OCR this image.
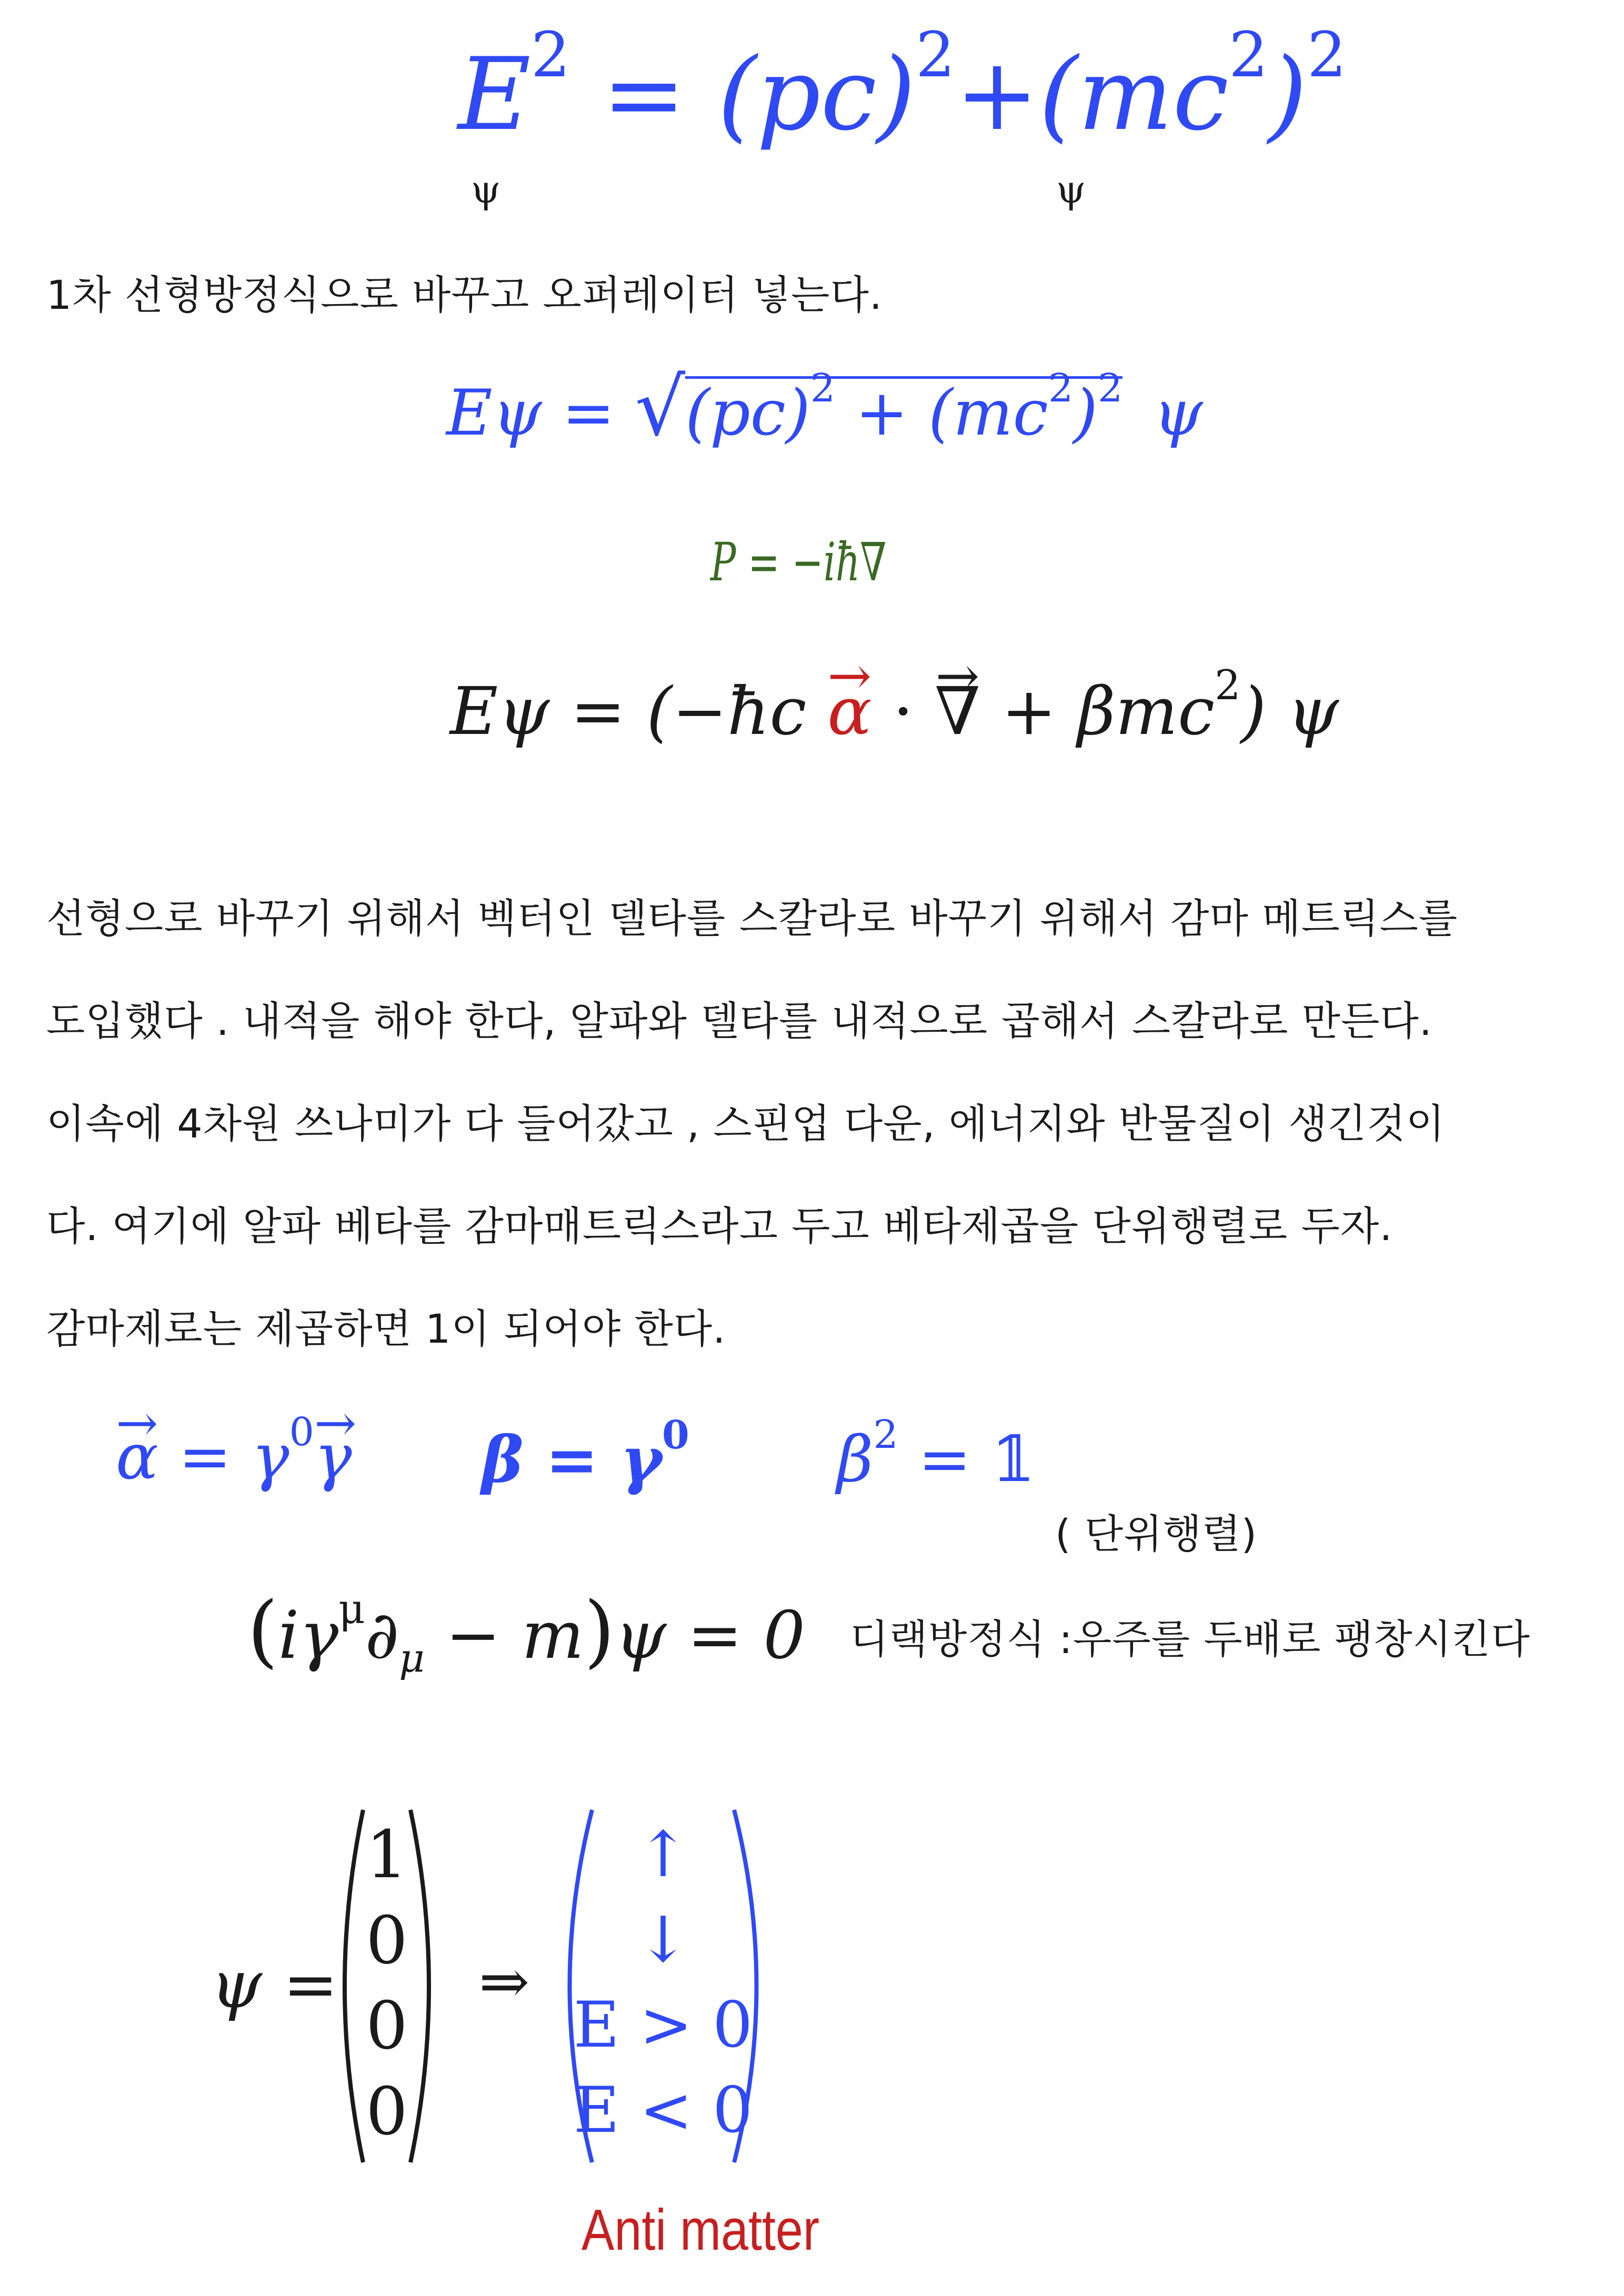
$E^2 = (pc)^2+(mc^2)^2$
ψ	ψ
1차 선형방정식으로 바꾸고 오퍼레이터 넣는다.
$E\psi = √(pc)^2 + (mc^2)^2$ ψ
P = −iħ∇
Eψ = (−ħc → α · → ∇ + βmc$^2$) ψ
선형으로 바꾸기 위해서 벡터인 델타를 스칼라로 바꾸기 위해서 감마 메트릭스를
도입했다 . 내적을 해야 한다, 알파와 델타를 내적으로 곱해서 스칼라로 만든다.
이속에 4차원 쓰나미가 다 들어갔고 , 스핀업 다운, 에너지와 반물질이 생긴것이
다. 여기에 알파 베타를 감마매트릭스라고 두고 베타제곱을 단위행렬로 두자.
감마제로는 제곱하면 1이 되어야 한다.
→ $\alpha = \gamma^0\to \gamma$ $\beta = \gamma^0$ $\beta^2$ = 𝟙
( 단위행렬)
$(i\gamma^\mu\partial_\mu - m)\psi = 0$ 디랙방정식 :우주를 두배로 팽창시킨다
ψ =
1
0
0
0
⇒
↑
↓
E > 0
E < 0
Anti matter
